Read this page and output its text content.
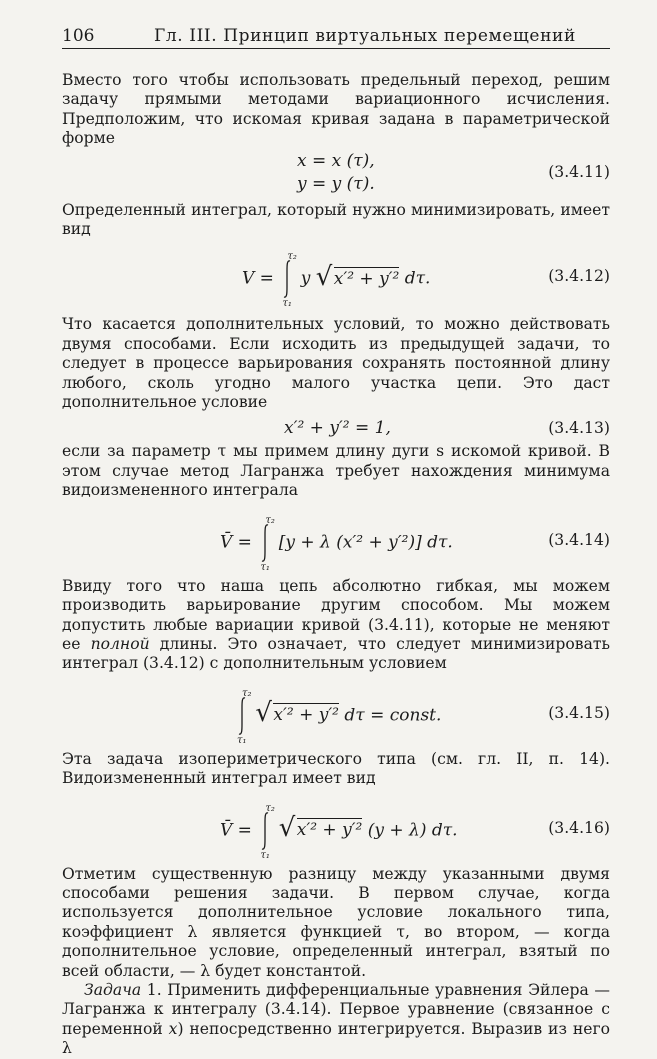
106	Гл. III. Принцип виртуальных перемещений

Вместо того чтобы использовать предельный переход, решим задачу прямыми методами вариационного исчисления. Предположим, что искомая кривая задана в параметрической форме

x = x (τ),
y = y (τ).
(3.4.11)

Определенный интеграл, который нужно минимизировать, имеет вид

V =
τ₂
τ₁
y √ x′² + y′² dτ.	(3.4.12)

Что касается дополнительных условий, то можно действовать двумя способами. Если исходить из предыдущей задачи, то следует в процессе варьирования сохранять постоянной длину любого, сколь угодно малого участка цепи. Это даст дополнительное условие

x′² + y′² = 1,	(3.4.13)

если за параметр τ мы примем длину дуги s искомой кривой. В этом случае метод Лагранжа требует нахождения минимума видоизмененного интеграла

V̄ =
τ₂
τ₁
[y + λ (x′² + y′²)] dτ.	(3.4.14)

Ввиду того что наша цепь абсолютно гибкая, мы можем производить варьирование другим способом. Мы можем допустить любые вариации кривой (3.4.11), которые не меняют ее полной длины. Это означает, что следует минимизировать интеграл (3.4.12) с дополнительным условием

τ₂
τ₁

√ x′² + y′² dτ = const.	(3.4.15)

Эта задача изопериметрического типа (см. гл. II, п. 14). Видоизмененный интеграл имеет вид

V̄ =
τ₂
τ₁

√ x′² + y′² (y + λ) dτ.	(3.4.16)

Отметим существенную разницу между указанными двумя способами решения задачи. В первом случае, когда используется дополнительное условие локального типа, коэффициент λ является функцией τ, во втором, — когда дополнительное условие, определенный интеграл, взятый по всей области, — λ будет константой.

Задача 1. Применить дифференциальные уравнения Эйлера — Лагранжа к интегралу (3.4.14). Первое уравнение (связанное с переменной x) непосредственно интегрируется. Выразив из него λ
